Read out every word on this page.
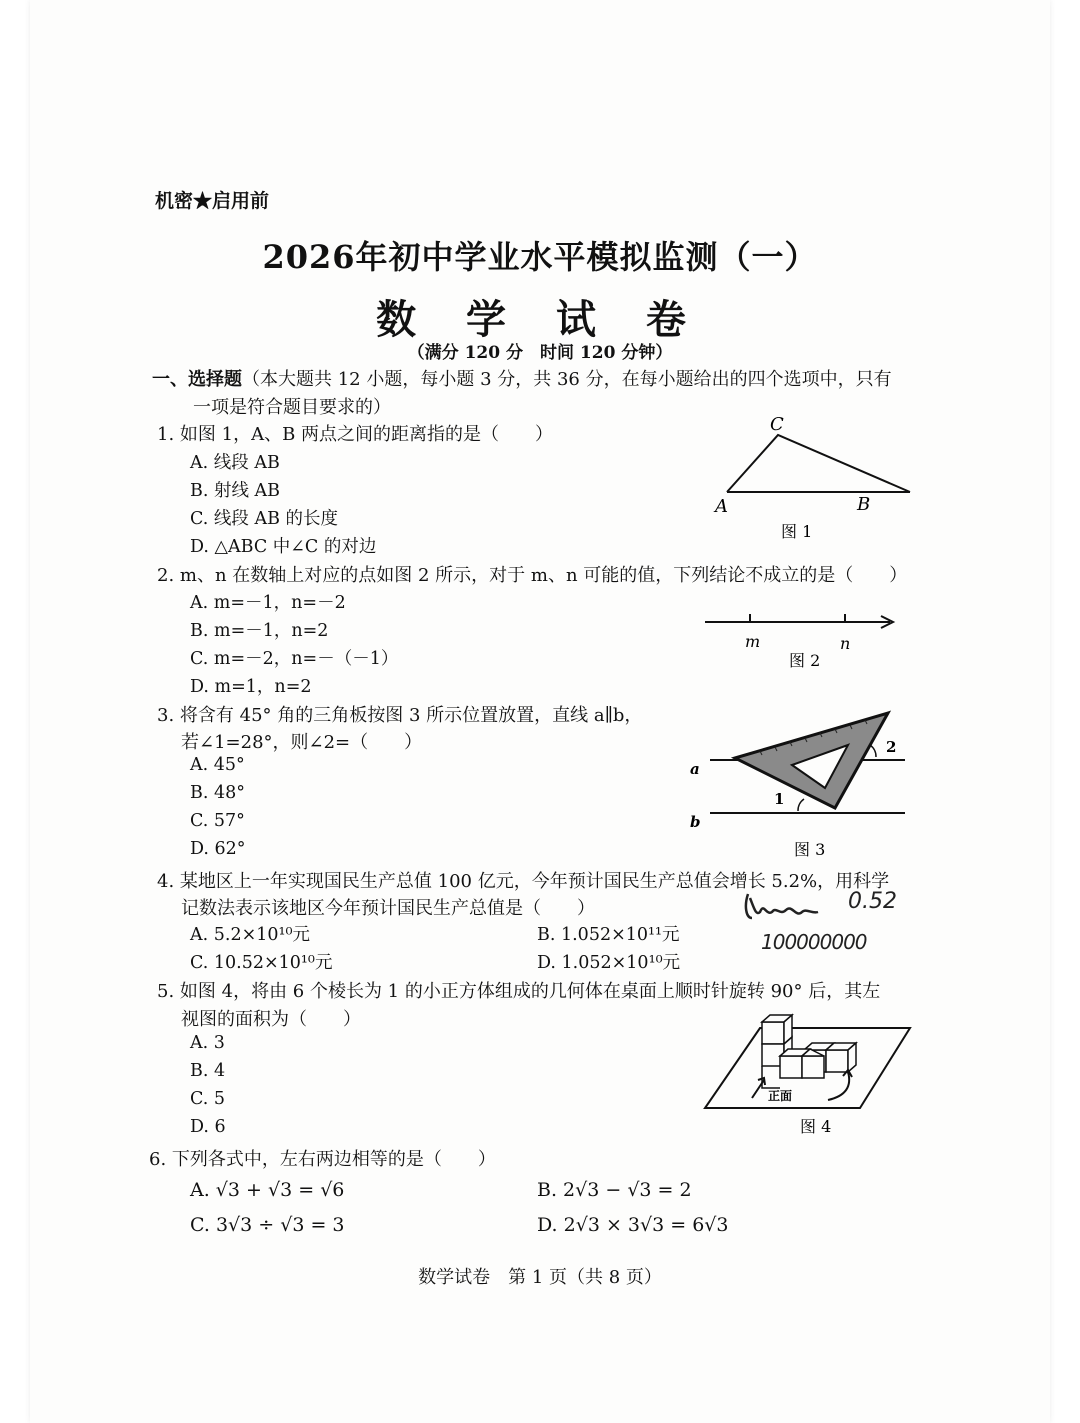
机密★启用前
2026年初中学业水平模拟监测（一）
数 学 试 卷
（满分 120 分　时间 120 分钟）
一、选择题（本大题共 12 小题，每小题 3 分，共 36 分，在每小题给出的四个选项中，只有
一项是符合题目要求的）
1. 如图 1，A、B 两点之间的距离指的是（　　）
A. 线段 AB
B. 射线 AB
C. 线段 AB 的长度
D. △ABC 中∠C 的对边
C
A	B
图 1
2. m、n 在数轴上对应的点如图 2 所示，对于 m、n 可能的值，下列结论不成立的是（　　）
A. m=－1，n=－2
B. m=－1，n=2
C. m=－2，n=－（－1）
D. m=1，n=2
m	n
图 2
3. 将含有 45° 角的三角板按图 3 所示位置放置，直线 a∥b，
若∠1=28°，则∠2=（　　）
A. 45°
B. 48°
C. 57°
D. 62°
a
b
1
2
图 3
4. 某地区上一年实现国民生产总值 100 亿元，今年预计国民生产总值会增长 5.2%，用科学
记数法表示该地区今年预计国民生产总值是（　　）
A. 5.2×10¹⁰元	B. 1.052×10¹¹元
C. 10.52×10¹⁰元	D. 1.052×10¹⁰元
0.52
100000000
5. 如图 4，将由 6 个棱长为 1 的小正方体组成的几何体在桌面上顺时针旋转 90° 后，其左
视图的面积为（　　）
A. 3
B. 4
C. 5
D. 6
正面
图 4
6. 下列各式中，左右两边相等的是（　　）
A. √3 + √3 = √6	B. 2√3 − √3 = 2
C. 3√3 ÷ √3 = 3	D. 2√3 × 3√3 = 6√3
数学试卷　第 1 页（共 8 页）
